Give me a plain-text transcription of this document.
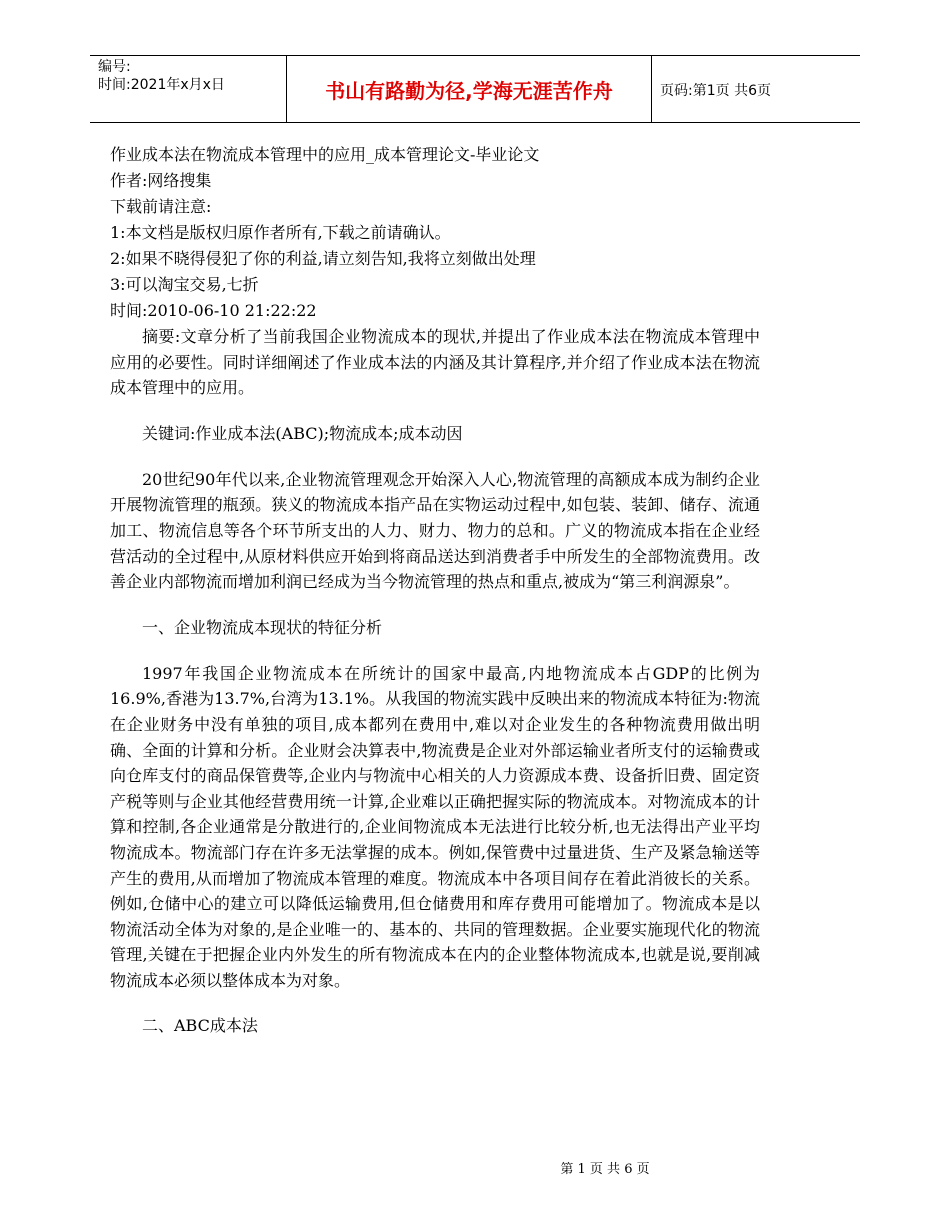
编号:
时间:2021年x月x日	书山有路勤为径,学海无涯苦作舟	页码:第1页 共6页
作业成本法在物流成本管理中的应用_成本管理论文-毕业论文
作者:网络搜集
下载前请注意:
1:本文档是版权归原作者所有,下载之前请确认。
2:如果不晓得侵犯了你的利益,请立刻告知,我将立刻做出处理
3:可以淘宝交易,七折
时间:2010-06-10 21:22:22

摘要:文章分析了当前我国企业物流成本的现状,并提出了作业成本法在物流成本管理中应用的必要性。同时详细阐述了作业成本法的内涵及其计算程序,并介绍了作业成本法在物流成本管理中的应用。

关键词:作业成本法(ABC);物流成本;成本动因

20世纪90年代以来,企业物流管理观念开始深入人心,物流管理的高额成本成为制约企业开展物流管理的瓶颈。狭义的物流成本指产品在实物运动过程中,如包装、装卸、储存、流通加工、物流信息等各个环节所支出的人力、财力、物力的总和。广义的物流成本指在企业经营活动的全过程中,从原材料供应开始到将商品送达到消费者手中所发生的全部物流费用。改善企业内部物流而增加利润已经成为当今物流管理的热点和重点,被成为“第三利润源泉”。

一、企业物流成本现状的特征分析

1997年我国企业物流成本在所统计的国家中最高,内地物流成本占GDP的比例为16.9%,香港为13.7%,台湾为13.1%。从我国的物流实践中反映出来的物流成本特征为:物流在企业财务中没有单独的项目,成本都列在费用中,难以对企业发生的各种物流费用做出明确、全面的计算和分析。企业财会决算表中,物流费是企业对外部运输业者所支付的运输费或向仓库支付的商品保管费等,企业内与物流中心相关的人力资源成本费、设备折旧费、固定资产税等则与企业其他经营费用统一计算,企业难以正确把握实际的物流成本。对物流成本的计算和控制,各企业通常是分散进行的,企业间物流成本无法进行比较分析,也无法得出产业平均物流成本。物流部门存在许多无法掌握的成本。例如,保管费中过量进货、生产及紧急输送等产生的费用,从而增加了物流成本管理的难度。物流成本中各项目间存在着此消彼长的关系。例如,仓储中心的建立可以降低运输费用,但仓储费用和库存费用可能增加了。物流成本是以物流活动全体为对象的,是企业唯一的、基本的、共同的管理数据。企业要实施现代化的物流管理,关键在于把握企业内外发生的所有物流成本在内的企业整体物流成本,也就是说,要削减物流成本必须以整体成本为对象。

二、ABC成本法
第 1 页 共 6 页
